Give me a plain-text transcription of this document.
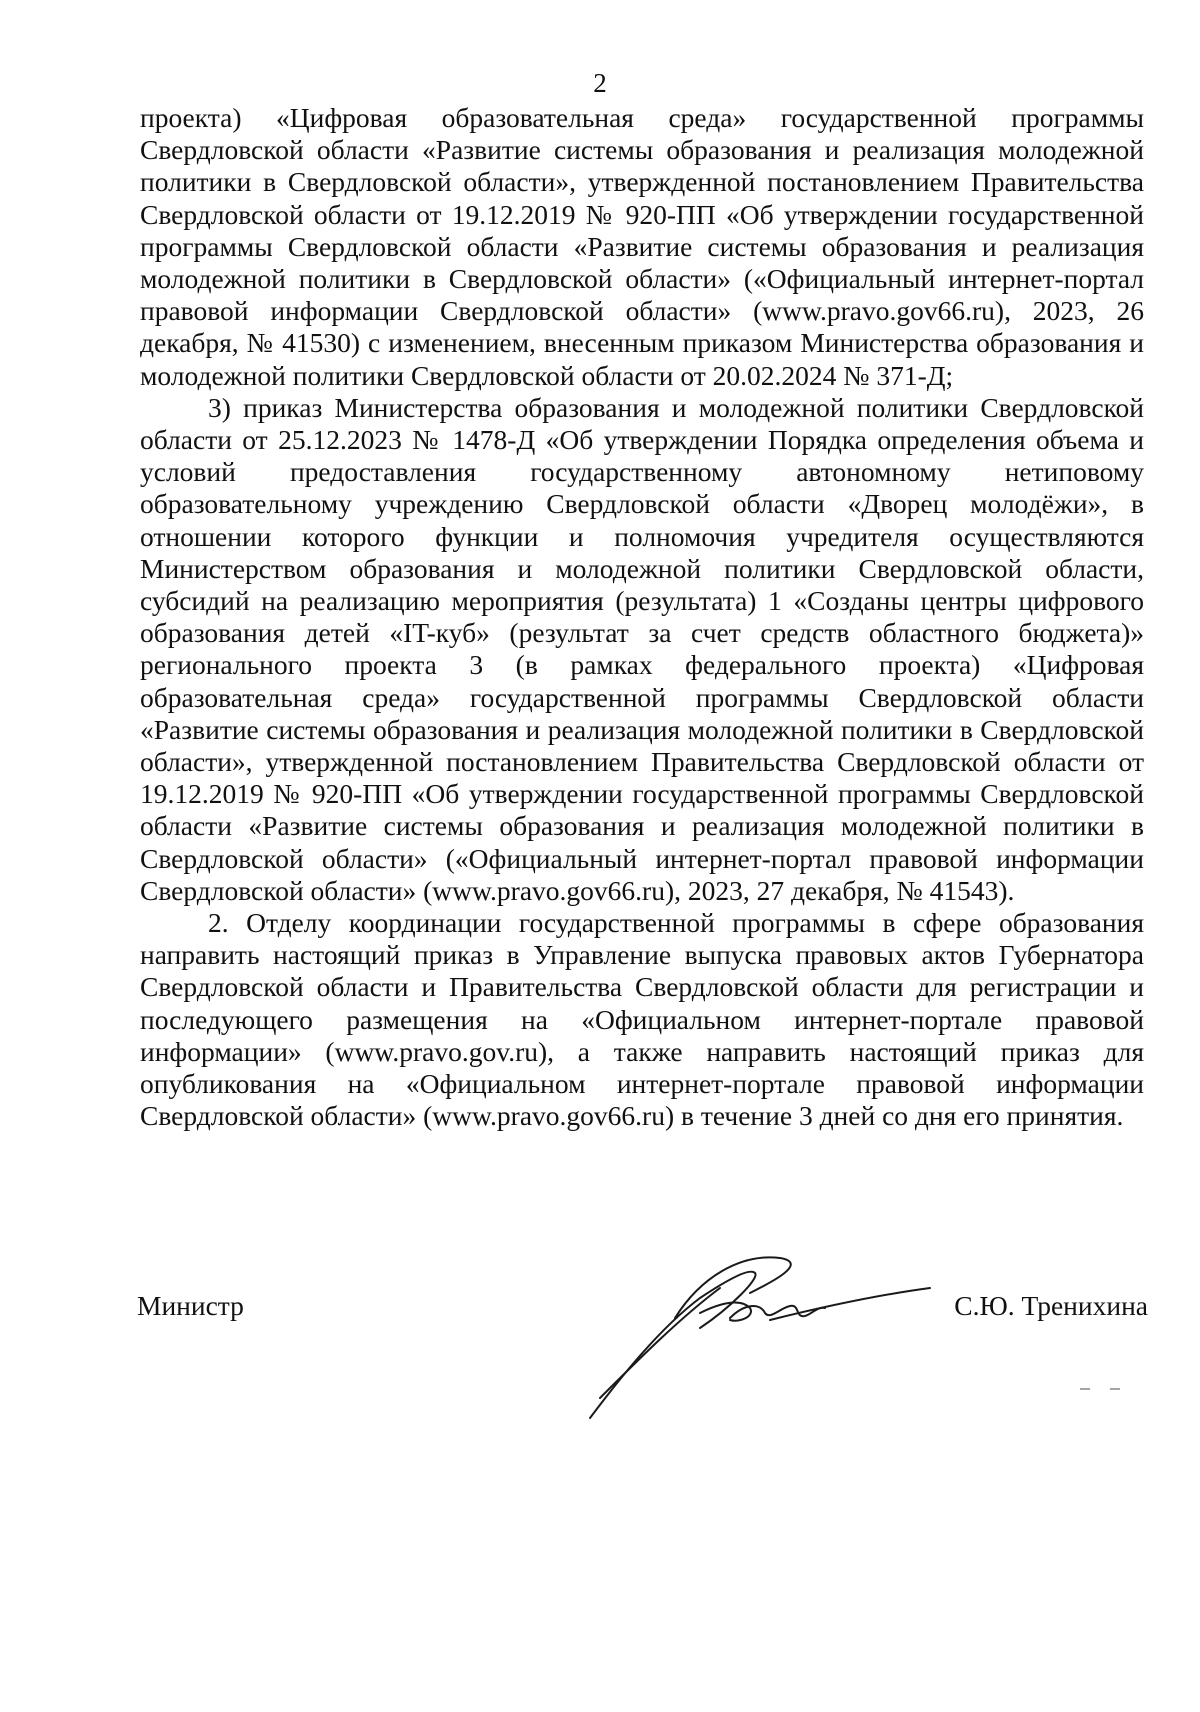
2

проекта) «Цифровая образовательная среда» государственной программы Свердловской области «Развитие системы образования и реализация молодежной политики в Свердловской области», утвержденной постановлением Правительства Свердловской области от 19.12.2019 № 920-ПП «Об утверждении государственной программы Свердловской области «Развитие системы образования и реализация молодежной политики в Свердловской области» («Официальный интернет-портал правовой информации Свердловской области» (www.pravo.gov66.ru), 2023, 26 декабря, № 41530) с изменением, внесенным приказом Министерства образования и молодежной политики Свердловской области от 20.02.2024 № 371-Д;

3) приказ Министерства образования и молодежной политики Свердловской области от 25.12.2023 № 1478-Д «Об утверждении Порядка определения объема и условий предоставления государственному автономному нетиповому образовательному учреждению Свердловской области «Дворец молодёжи», в отношении которого функции и полномочия учредителя осуществляются Министерством образования и молодежной политики Свердловской области, субсидий на реализацию мероприятия (результата) 1 «Созданы центры цифрового образования детей «IT-куб» (результат за счет средств областного бюджета)» регионального проекта 3 (в рамках федерального проекта) «Цифровая образовательная среда» государственной программы Свердловской области «Развитие системы образования и реализация молодежной политики в Свердловской области», утвержденной постановлением Правительства Свердловской области от 19.12.2019 № 920-ПП «Об утверждении государственной программы Свердловской области «Развитие системы образования и реализация молодежной политики в Свердловской области» («Официальный интернет-портал правовой информации Свердловской области» (www.pravo.gov66.ru), 2023, 27 декабря, № 41543).

2. Отделу координации государственной программы в сфере образования направить настоящий приказ в Управление выпуска правовых актов Губернатора Свердловской области и Правительства Свердловской области для регистрации и последующего размещения на «Официальном интернет-портале правовой информации» (www.pravo.gov.ru), а также направить настоящий приказ для опубликования на «Официальном интернет-портале правовой информации Свердловской области» (www.pravo.gov66.ru) в течение 3 дней со дня его принятия.

Министр	С.Ю. Тренихина
